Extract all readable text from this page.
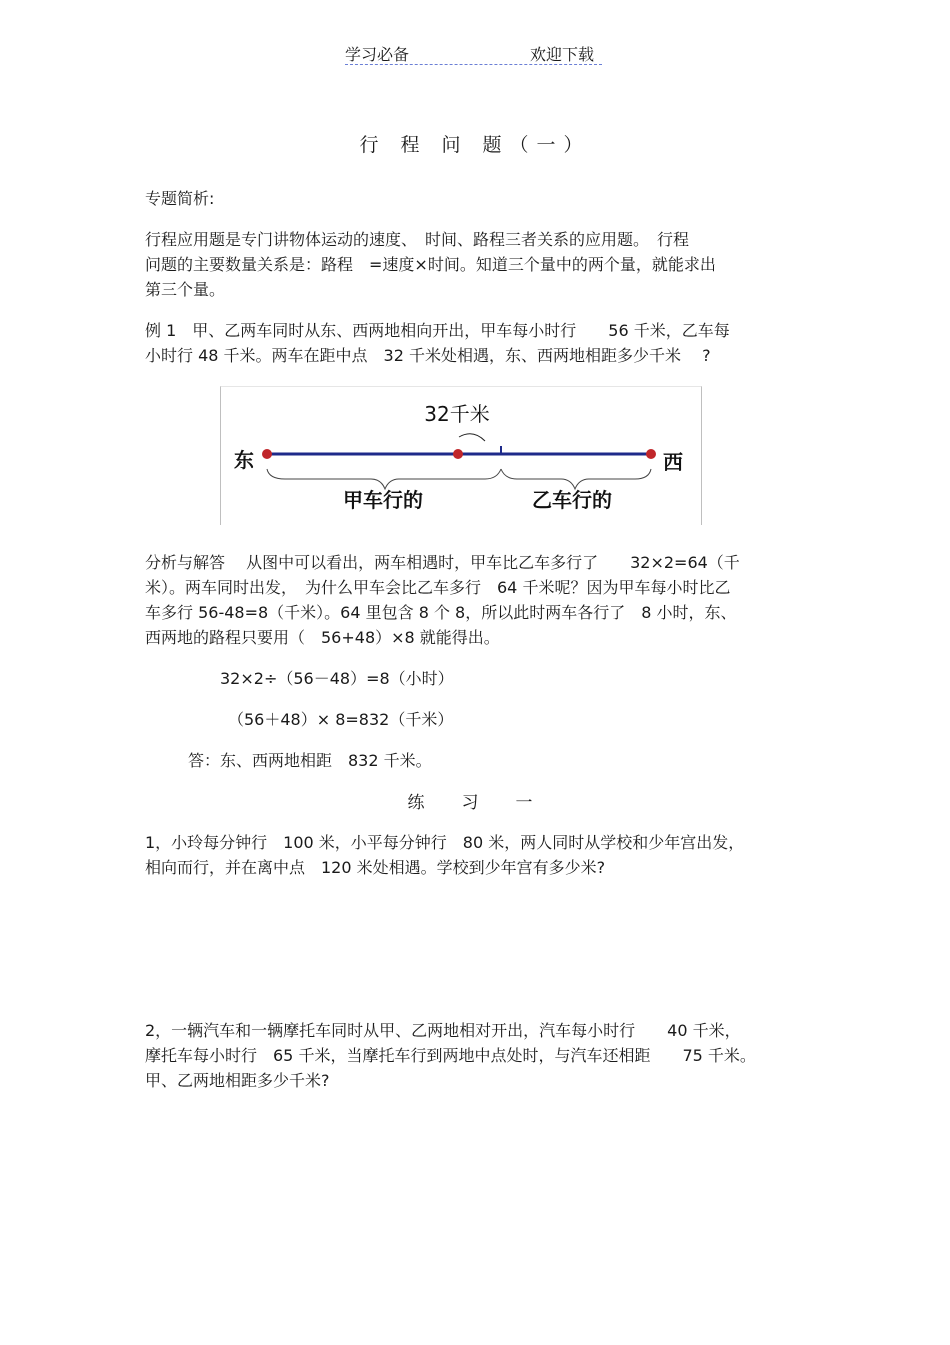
学习必备	欢迎下载
行 程 问 题（一）
专题简析:
行程应用题是专门讲物体运动的速度、　时间、路程三者关系的应用题。　行程
问题的主要数量关系是：路程　=速度×时间。知道三个量中的两个量，就能求出
第三个量。
例 1　甲、乙两车同时从东、西两地相向开出，甲车每小时行　　56 千米，乙车每
小时行 48 千米。两车在距中点　32 千米处相遇，东、西两地相距多少千米　 ?
32千米
东	西
甲车行的	乙车行的
分析与解答　 从图中可以看出，两车相遇时，甲车比乙车多行了　　32×2=64（千
米）。两车同时出发，　为什么甲车会比乙车多行　64 千米呢？因为甲车每小时比乙
车多行 56-48=8（千米）。64 里包含 8 个 8，所以此时两车各行了　8 小时，东、
西两地的路程只要用（　56+48）×8 就能得出。
32×2÷（56－48）=8（小时）
（56＋48）× 8=832（千米）
答：东、西两地相距　832 千米。
练　习　一
1，小玲每分钟行　100 米，小平每分钟行　80 米，两人同时从学校和少年宫出发，
相向而行，并在离中点　120 米处相遇。学校到少年宫有多少米?
2，一辆汽车和一辆摩托车同时从甲、乙两地相对开出，汽车每小时行　　40 千米，
摩托车每小时行　65 千米，当摩托车行到两地中点处时，与汽车还相距　　75 千米。
甲、乙两地相距多少千米?
